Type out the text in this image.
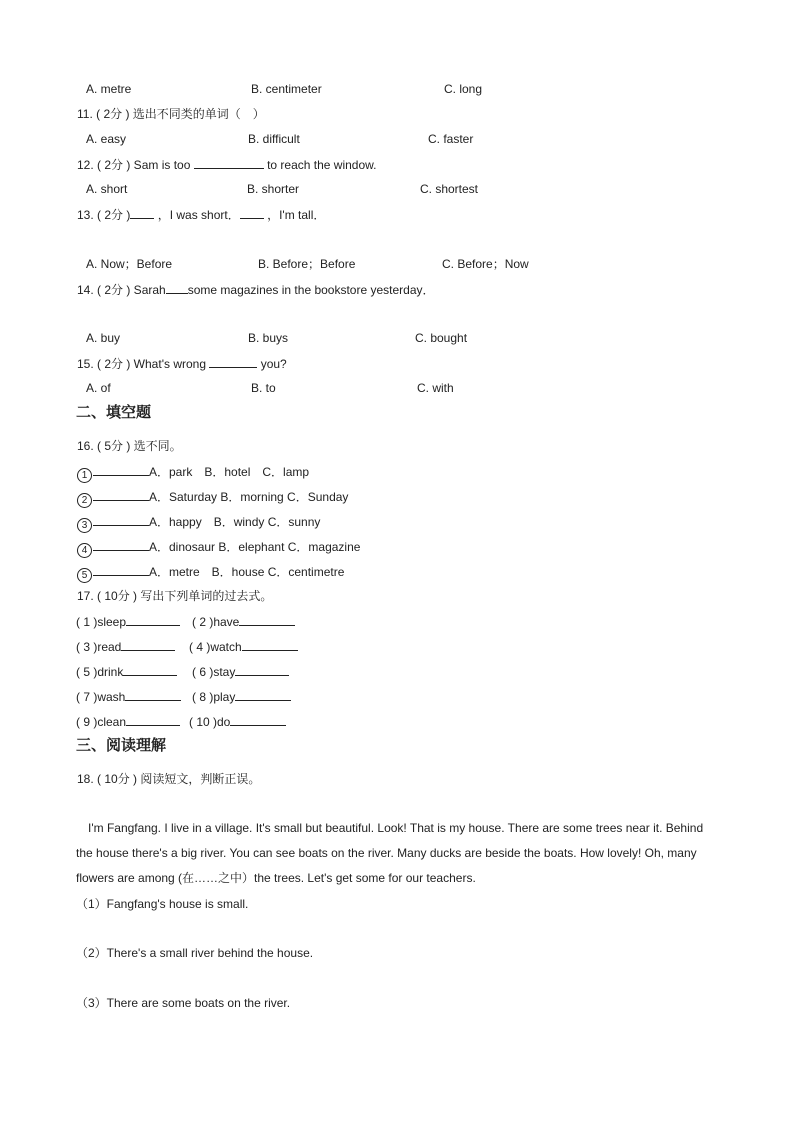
A. metre	B. centimeter	C. long
11. ( 2分 ) 选出不同类的单词（　）
A. easy	B. difficult	C. faster
12. ( 2分 ) Sam is too	to reach the window.
A. short	B. shorter	C. shortest
13. ( 2分 ) ，I was short． ，I'm tall．
A. Now；Before	B. Before；Before	C. Before；Now
14. ( 2分 ) Sarah some magazines in the bookstore yesterday．
A. buy	B. buys	C. bought
15. ( 2分 ) What's wrong	you?
A. of	B. to	C. with
二、填空题
16. ( 5分 ) 选不同。
1	A．park　B．hotel　C．lamp
2	A．Saturday B．morning C．Sunday
3	A．happy　B．windy C．sunny
4	A．dinosaur B．elephant C．magazine
5	A．metre　B．house C．centimetre
17. ( 10分 ) 写出下列单词的过去式。
( 1 )sleep	( 2 )have
( 3 )read	( 4 )watch
( 5 )drink	( 6 )stay
( 7 )wash	( 8 )play
( 9 )clean	( 10 )do
三、阅读理解
18. ( 10分 ) 阅读短文，判断正误。
I'm Fangfang. I live in a village. It's small but beautiful. Look! That is my house. There are some trees near it. Behind the house there's a big river. You can see boats on the river. Many ducks are beside the boats. How lovely! Oh, many flowers are among (在……之中）the trees. Let's get some for our teachers.
（1）Fangfang's house is small.
（2）There's a small river behind the house.
（3）There are some boats on the river.
